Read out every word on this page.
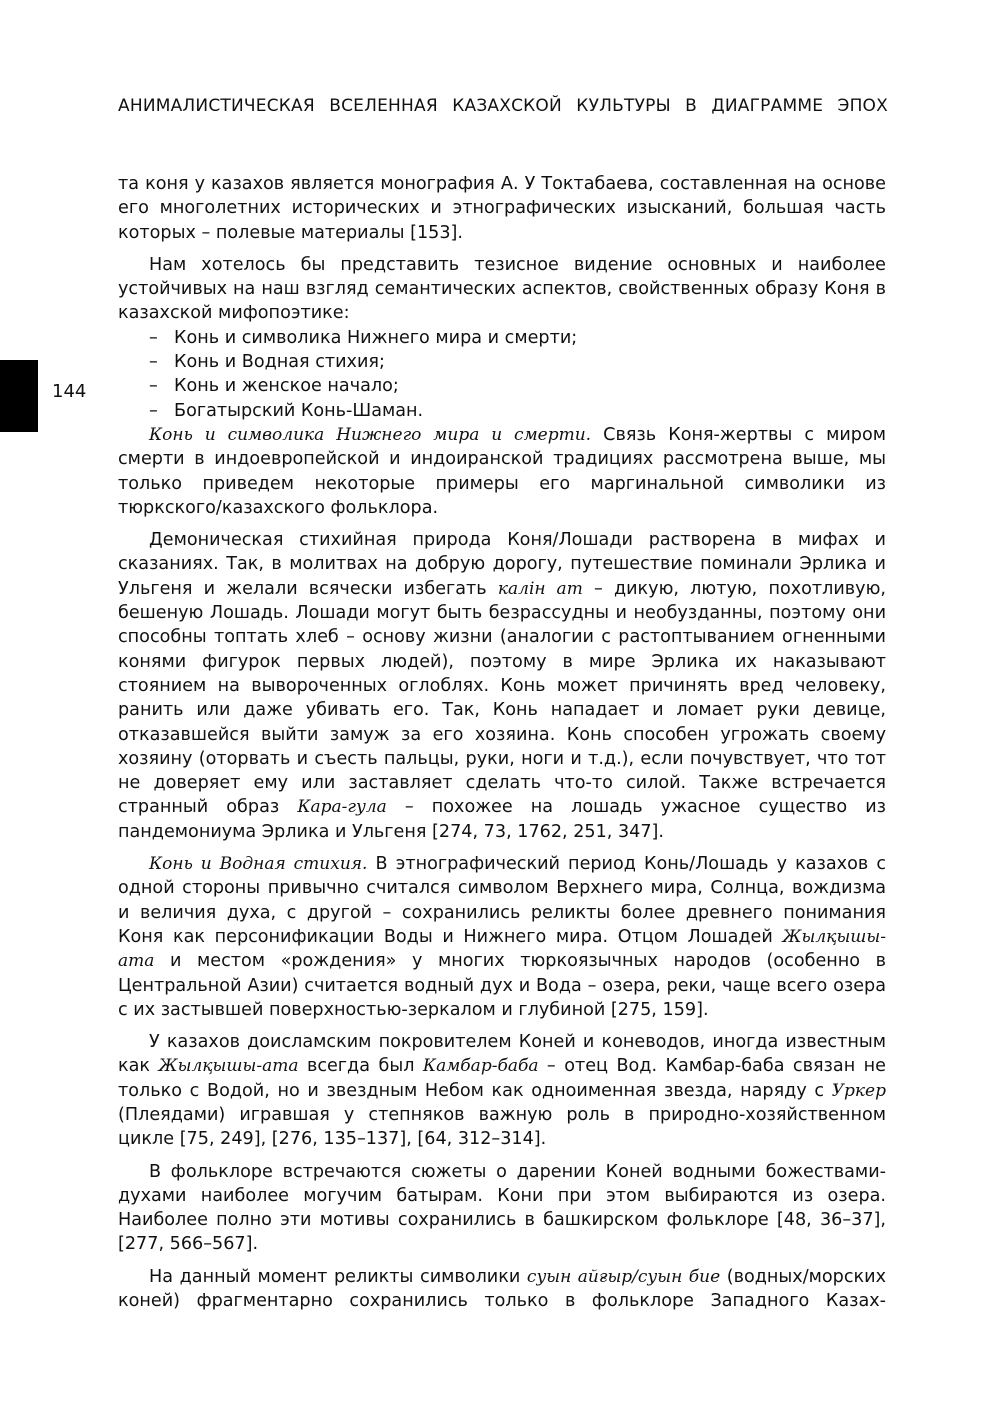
АНИМАЛИСТИЧЕСКАЯ ВСЕЛЕННАЯ КАЗАХСКОЙ КУЛЬТУРЫ В ДИАГРАММЕ ЭПОХ
144

та коня у казахов является монография А. У Токтабаева, составленная на основе его многолетних исторических и этнографических изысканий, большая часть которых – полевые материалы [153].

Нам хотелось бы представить тезисное видение основных и наиболее устойчивых на наш взгляд семантических аспектов, свойственных образу Коня в казахской мифопоэтике:

– Конь и символика Нижнего мира и смерти;
– Конь и Водная стихия;
– Конь и женское начало;
– Богатырский Конь-Шаман.

Конь и символика Нижнего мира и смерти. Связь Коня-жертвы с миром смерти в индоевропейской и индоиранской традициях рассмотрена выше, мы только приведем некоторые примеры его маргинальной символики из тюркского/казахского фольклора.

Демоническая стихийная природа Коня/Лошади растворена в мифах и сказаниях. Так, в молитвах на добрую дорогу, путешествие поминали Эрлика и Ульгеня и желали всячески избегать калін ат – дикую, лютую, похотливую, бешеную Лошадь. Лошади могут быть безрассудны и необузданны, поэтому они способны топтать хлеб – основу жизни (аналогии с растоптыванием огненными конями фигурок первых людей), поэтому в мире Эрлика их наказывают стоянием на вывороченных оглоблях. Конь может причинять вред человеку, ранить или даже убивать его. Так, Конь нападает и ломает руки девице, отказавшейся выйти замуж за его хозяина. Конь способен угрожать своему хозяину (оторвать и съесть пальцы, руки, ноги и т.д.), если почувствует, что тот не доверяет ему или заставляет сделать что-то силой. Также встречается странный образ Кара-гула – похожее на лошадь ужасное существо из пандемониума Эрлика и Ульгеня [274, 73, 1762, 251, 347].

Конь и Водная стихия. В этнографический период Конь/Лошадь у казахов с одной стороны привычно считался символом Верхнего мира, Солнца, вождизма и величия духа, с другой – сохранились реликты более древнего понимания Коня как персонификации Воды и Нижнего мира. Отцом Лошадей Жылқышы-ата и местом «рождения» у многих тюркоязычных народов (особенно в Центральной Азии) считается водный дух и Вода – озера, реки, чаще всего озера с их застывшей поверхностью-зеркалом и глубиной [275, 159].

У казахов доисламским покровителем Коней и коневодов, иногда известным как Жылқышы-ата всегда был Камбар-баба – отец Вод. Камбар-баба связан не только с Водой, но и звездным Небом как одноименная звезда, наряду с Уркер (Плеядами) игравшая у степняков важную роль в природно-хозяйственном цикле [75, 249], [276, 135–137], [64, 312–314].

В фольклоре встречаются сюжеты о дарении Коней водными божествами-духами наиболее могучим батырам. Кони при этом выбираются из озера. Наиболее полно эти мотивы сохранились в башкирском фольклоре [48, 36–37], [277, 566–567].

На данный момент реликты символики суын айғыр/суын бие (водных/морских коней) фрагментарно сохранились только в фольклоре Западного Казах-
